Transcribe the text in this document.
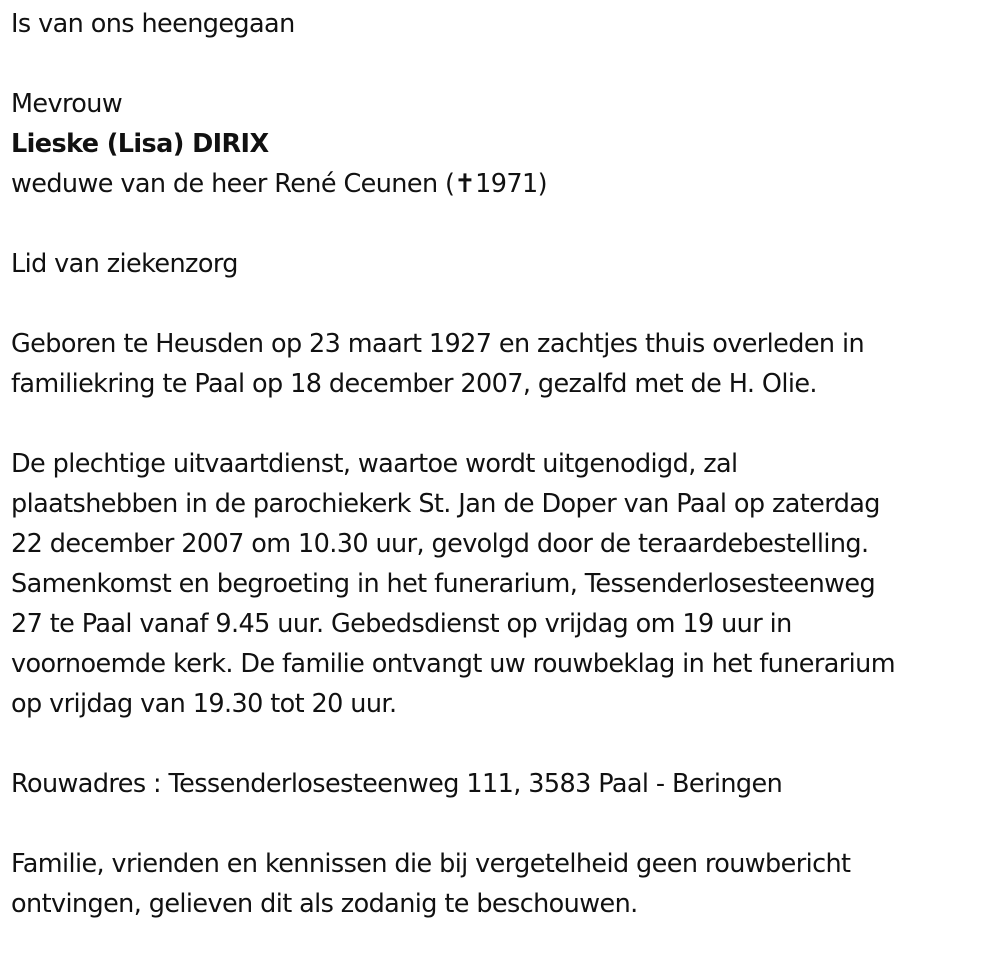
Is van ons heengegaan
Mevrouw
Lieske (Lisa) DIRIX
weduwe van de heer René Ceunen (✝1971)
Lid van ziekenzorg
Geboren te Heusden op 23 maart 1927 en zachtjes thuis overleden in
familiekring te Paal op 18 december 2007, gezalfd met de H. Olie.
De plechtige uitvaartdienst, waartoe wordt uitgenodigd, zal
plaatshebben in de parochiekerk St. Jan de Doper van Paal op zaterdag
22 december 2007 om 10.30 uur, gevolgd door de teraardebestelling.
Samenkomst en begroeting in het funerarium, Tessenderlosesteenweg
27 te Paal vanaf 9.45 uur. Gebedsdienst op vrijdag om 19 uur in
voornoemde kerk. De familie ontvangt uw rouwbeklag in het funerarium
op vrijdag van 19.30 tot 20 uur.
Rouwadres : Tessenderlosesteenweg 111, 3583 Paal - Beringen
Familie, vrienden en kennissen die bij vergetelheid geen rouwbericht
ontvingen, gelieven dit als zodanig te beschouwen.
